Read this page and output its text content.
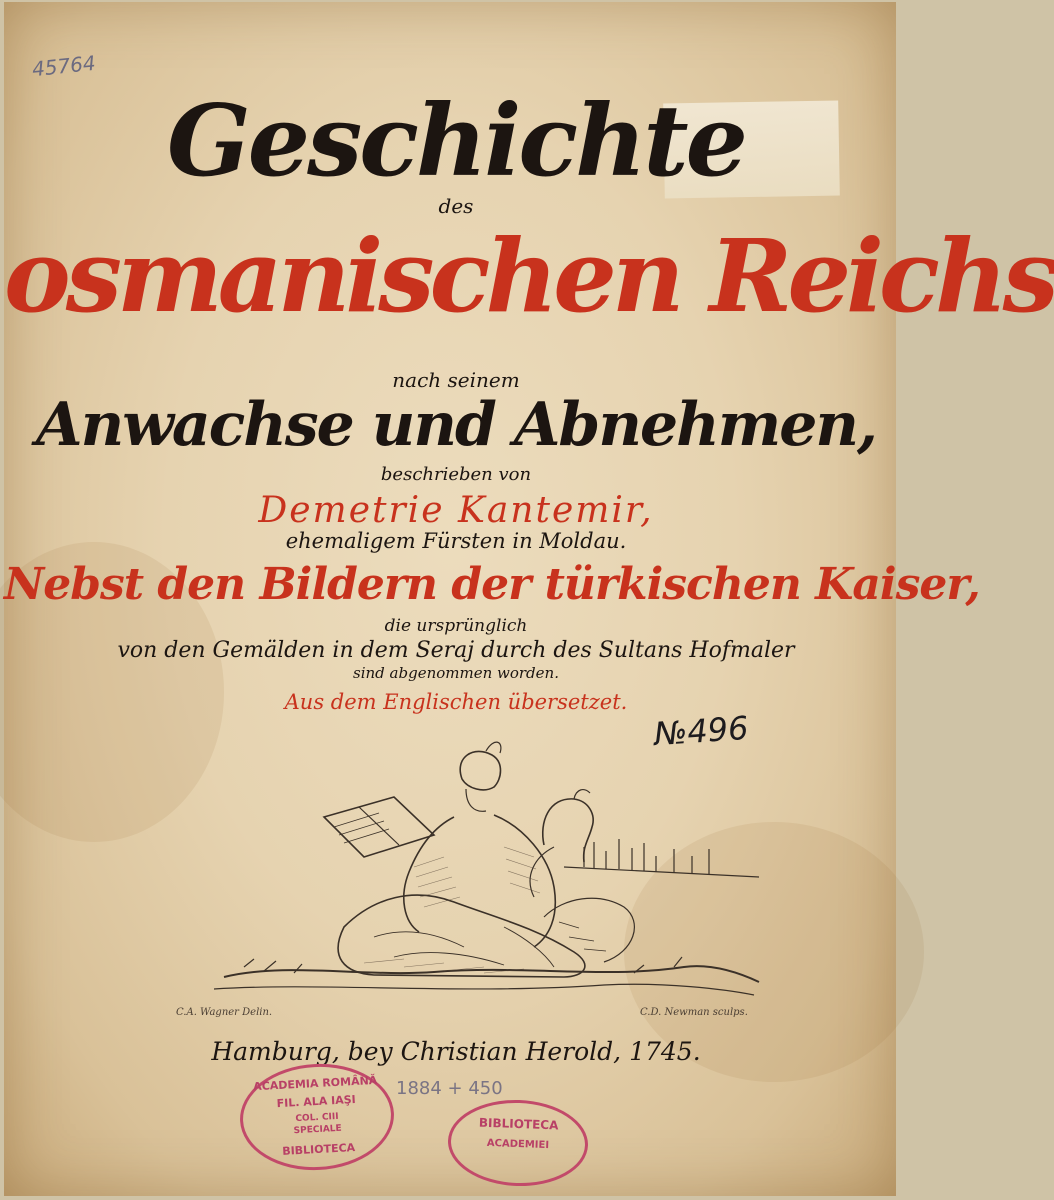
45764
Geschichte
des
osmanischen Reichs
nach seinem
Anwachse und Abnehmen,
beschrieben von
Demetrie Kantemir,
ehemaligem Fürsten in Moldau.
Nebst den Bildern der türkischen Kaiser,
die ursprünglich
von den Gemälden in dem Seraj durch des Sultans Hofmaler
sind abgenommen worden.
Aus dem Englischen übersetzet.
№496
C.A. Wagner Delin.	C.D. Newman sculps.
Hamburg, bey Christian Herold, 1745.
1884 + 450
ACADEMIA ROMÂNĂ
FIL. ALA IAŞI
COL. CIII
SPECIALE
BIBLIOTECA
BIBLIOTECA
ACADEMIEI
